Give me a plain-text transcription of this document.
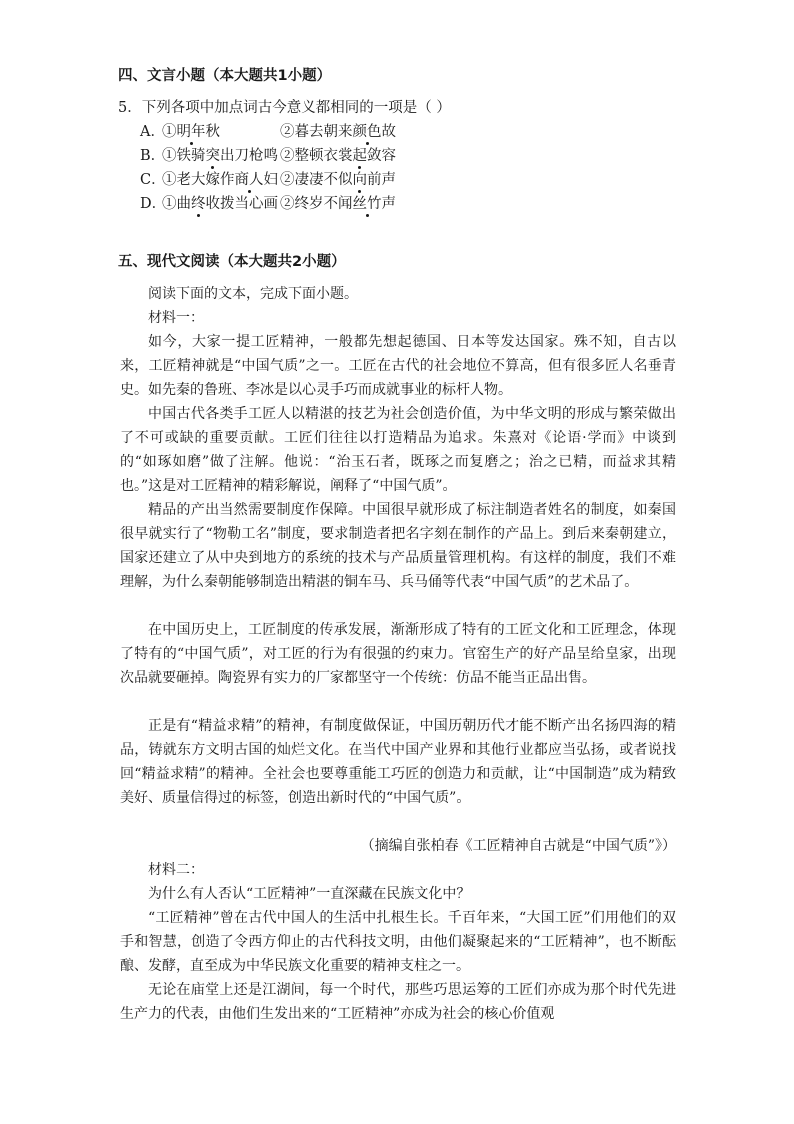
四、文言小题（本大题共1小题）
5．下列各项中加点词古今意义都相同的一项是（ ）
A．①明年秋	②暮去朝来颜色故
B．①铁骑突出刀枪鸣 ②整顿衣裳起敛容
C．①老大嫁作商人妇 ②凄凄不似向前声
D．①曲终收拨当心画 ②终岁不闻丝竹声
五、现代文阅读（本大题共2小题）
阅读下面的文本，完成下面小题。
材料一：
如今，大家一提工匠精神，一般都先想起德国、日本等发达国家。殊不知，自古以来，工匠精神就是“中国气质”之一。工匠在古代的社会地位不算高，但有很多匠人名垂青史。如先秦的鲁班、李冰是以心灵手巧而成就事业的标杆人物。
中国古代各类手工匠人以精湛的技艺为社会创造价值，为中华文明的形成与繁荣做出了不可或缺的重要贡献。工匠们往往以打造精品为追求。朱熹对《论语·学而》中谈到的“如琢如磨”做了注解。他说：“治玉石者，既琢之而复磨之；治之已精，而益求其精也。”这是对工匠精神的精彩解说，阐释了“中国气质”。
精品的产出当然需要制度作保障。中国很早就形成了标注制造者姓名的制度，如秦国很早就实行了“物勒工名”制度，要求制造者把名字刻在制作的产品上。到后来秦朝建立，国家还建立了从中央到地方的系统的技术与产品质量管理机构。有这样的制度，我们不难理解，为什么秦朝能够制造出精湛的铜车马、兵马俑等代表“中国气质”的艺术品了。
在中国历史上，工匠制度的传承发展，渐渐形成了特有的工匠文化和工匠理念，体现了特有的“中国气质”，对工匠的行为有很强的约束力。官窑生产的好产品呈给皇家，出现次品就要砸掉。陶瓷界有实力的厂家都坚守一个传统：仿品不能当正品出售。
正是有“精益求精”的精神，有制度做保证，中国历朝历代才能不断产出名扬四海的精品，铸就东方文明古国的灿烂文化。在当代中国产业界和其他行业都应当弘扬，或者说找回“精益求精”的精神。全社会也要尊重能工巧匠的创造力和贡献，让“中国制造”成为精致美好、质量信得过的标签，创造出新时代的“中国气质”。
（摘编自张柏春《工匠精神自古就是“中国气质”》）
材料二：
为什么有人否认“工匠精神”一直深藏在民族文化中？
“工匠精神”曾在古代中国人的生活中扎根生长。千百年来，“大国工匠”们用他们的双手和智慧，创造了令西方仰止的古代科技文明，由他们凝聚起来的“工匠精神”，也不断酝酿、发酵，直至成为中华民族文化重要的精神支柱之一。
无论在庙堂上还是江湖间，每一个时代，那些巧思运筹的工匠们亦成为那个时代先进生产力的代表，由他们生发出来的“工匠精神”亦成为社会的核心价值观
